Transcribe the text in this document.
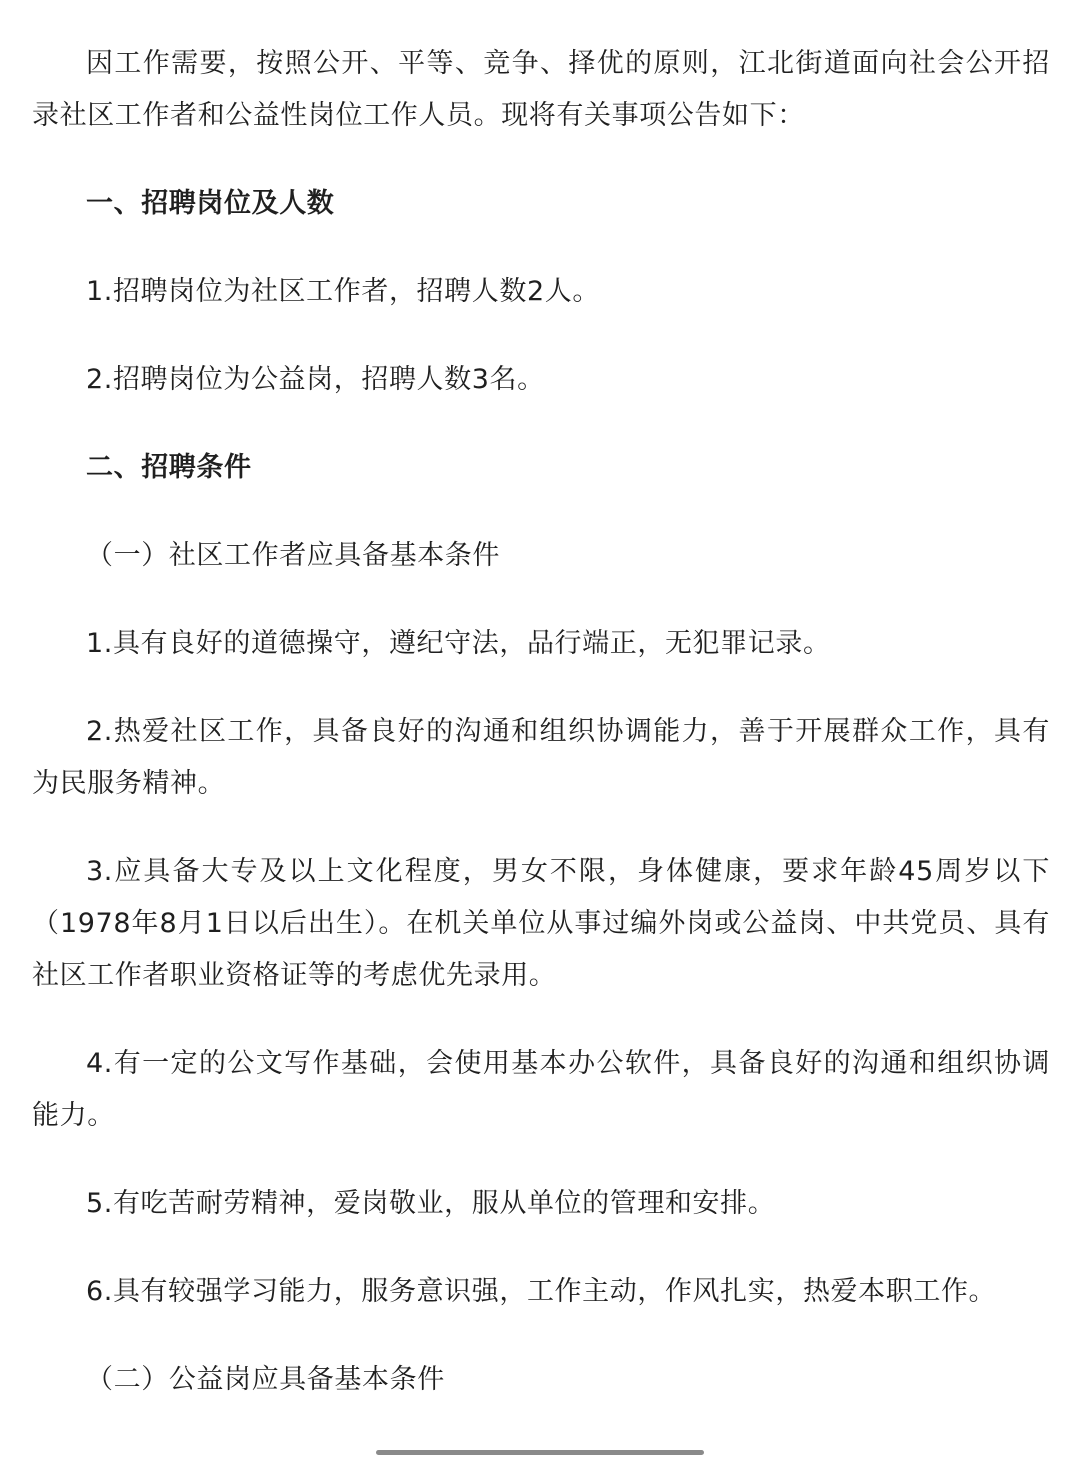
因工作需要，按照公开、平等、竞争、择优的原则，江北街道面向社会公开招录社区工作者和公益性岗位工作人员。现将有关事项公告如下：

一、招聘岗位及人数

1.招聘岗位为社区工作者，招聘人数2人。

2.招聘岗位为公益岗，招聘人数3名。

二、招聘条件

（一）社区工作者应具备基本条件

1.具有良好的道德操守，遵纪守法，品行端正，无犯罪记录。

2.热爱社区工作，具备良好的沟通和组织协调能力，善于开展群众工作，具有为民服务精神。

3.应具备大专及以上文化程度，男女不限，身体健康，要求年龄45周岁以下（1978年8月1日以后出生）。在机关单位从事过编外岗或公益岗、中共党员、具有社区工作者职业资格证等的考虑优先录用。

4.有一定的公文写作基础，会使用基本办公软件，具备良好的沟通和组织协调能力。

5.有吃苦耐劳精神，爱岗敬业，服从单位的管理和安排。

6.具有较强学习能力，服务意识强，工作主动，作风扎实，热爱本职工作。

（二）公益岗应具备基本条件
